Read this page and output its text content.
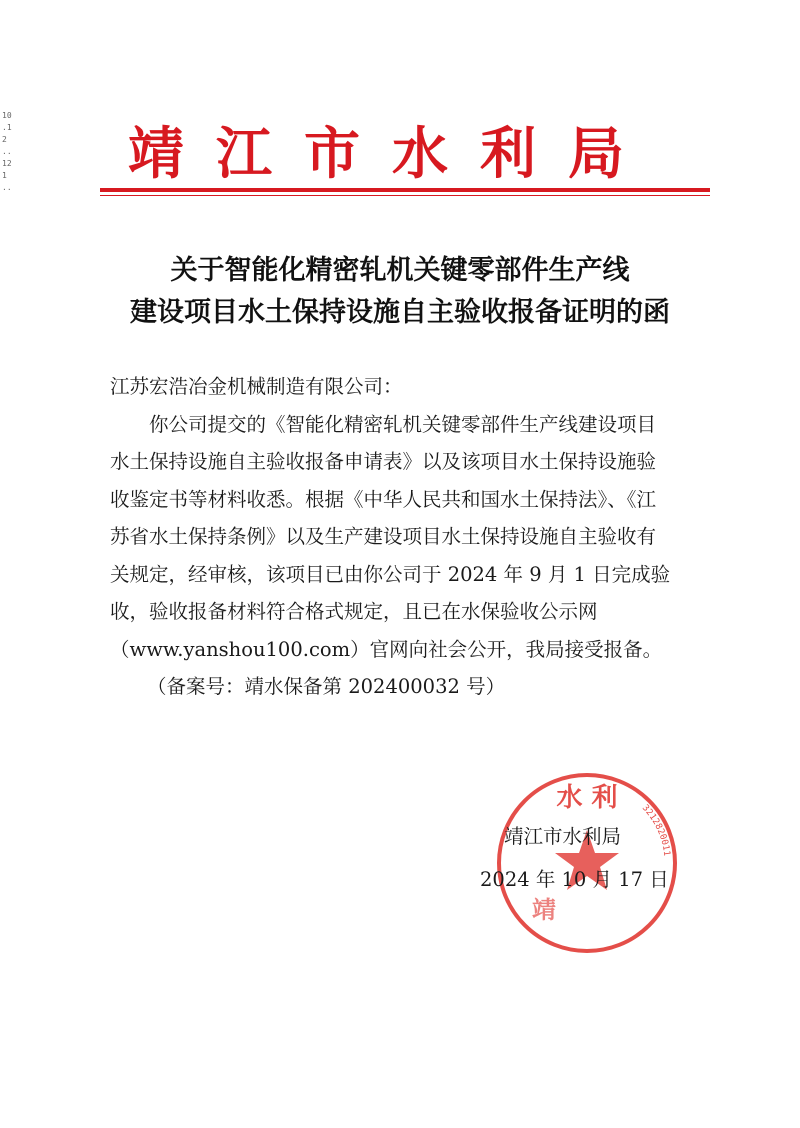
10 .12 ..121 ..
靖江市水利局
关于智能化精密轧机关键零部件生产线
建设项目水土保持设施自主验收报备证明的函

江苏宏浩冶金机械制造有限公司：

你公司提交的《智能化精密轧机关键零部件生产线建设项目
水土保持设施自主验收报备申请表》以及该项目水土保持设施验
收鉴定书等材料收悉。根据《中华人民共和国水土保持法》、《江
苏省水土保持条例》以及生产建设项目水土保持设施自主验收有
关规定，经审核，该项目已由你公司于 2024 年 9 月 1 日完成验
收，验收报备材料符合格式规定，且已在水保验收公示网
（www.yanshou100.com）官网向社会公开，我局接受报备。

（备案号：靖水保备第 202400032 号）

水 利
靖
3212820011
靖江市水利局
2024 年 10 月 17 日
